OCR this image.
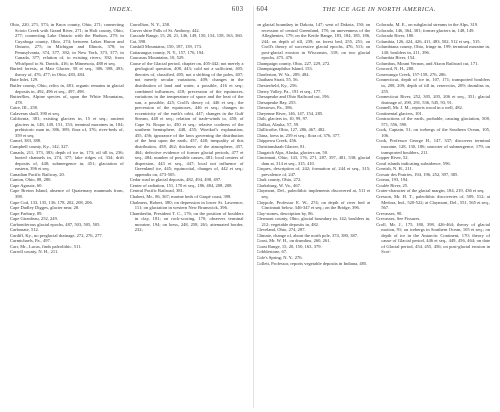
INDEX.	603

Ohio, 220, 271, 573; in Knox county, Ohio, 271; connecting Scioto Creek with Grand River, 271; in Holt county, Ohio, 277; connecting Lake Ontario with the Hudson, 279; in Cuyahoga county, Ohio, 274; between Lakes Huron and Ontario, 275; in Michigan and Illinois, 378; in Pennsylvania, 374, 377, 392; in New York, 373, 377; in Canada, 377; relation of, to existing rivers, 392; from Whirlpool to St. Davids, 416; in Minnesota, 488 et seq.

Buried forests, at Mair Glacier, 58 et seq., 306, 398, 493; theory of, 476, 477; in Ohio, 483, 484.

Bute Inlet, 129.

Butler county, Ohio, relics in, 481; organic remains in glacial deposits in, 492, 496 et seq., 497, 498.

Butterflies, Alpine species of, upon the White Mountains, 478.

Caire, III., 258.

Calaveras skull, 390 et seq.

California, 381; existing glaciers in, 15 et seq.; ancient glaciers in, 148, 149, 151, 153; terminal moraines in, 184; prehistoric man in, 386, 389; flora of, 376; river-beds of, 359 et seq.

Camel, 383, 388.

Campbell county, Ky., 142, 327.

Canada, 211, 373, 383; depth of ice in, 173; oil till in, 236; buried channels in, 274, 377; lake ridges of, 334; drift deposits of, 448; submergence in, 451; glaciation of eastern, 396 et seq.

Canadian Pacific Railway, 20.

Canton, Ohio, 88, 280.

Cape Agassiz, 60.

Cape Breton Island, absence of Quaternary mammals from, 398.

Cape Cod, 133, 135, 136, 178, 202, 208, 206.

Cape Dudley Digges, glacier near, 28.

Cape Farbury, 89.

Cape Girardeau, 252, 249.

Carboniferous glacial epochs, 487, 503, 505, 505.

Carbonate, 512.

Cardiff, Ky., no preglacial drainage, 272, 276, 277.

Carmichaels, Pa., 497.

Carr, Mr., Lucas, finds paleolithic, 511.

Carroll county, N. H., 211.

Carrollton, N. Y., 258.

Carver shire Falls of St. Anthony, 442.

Cascade Range, 15, 20, 21, 146, 149, 150, 154, 158, 163, 360.

Cat, 398.

Catskill Mountains, 150, 187, 139, 173.

Cattaraugus county, N. Y., 157, 176, 194.

Caucasus Mountains, 10, 529.

Cause of the Glacial period, chapter on, 405-442; not merely a geological question, 408, 443; cold not a sufficient, 405; theories of, classified, 405; not a shifting of the poles, 407; not merely secular variations, 409; changes in the distribution of land and water, a possible, 416 et seq.; combined influences, 418; precession of the equinoxes, variations in the temperature of space and the heat of the sun, a possible, 425; Croll's theory of, 446 et seq.; the precession of the equinoxes, 446 et seq.; changes in eccentricity of the earth's orbit, 447; changes in the Gulf Stream, 448 et seq.; relation of trade-winds to, 450; of Cape St. Roque to, 450 et seq.; relative coolness of the southern hemisphere, 448, 455; Woeikof's explanation, 455, 456; ignorance of the laws governing the distribution of the heat upon the earth, 457, 448; inequality of this distribution, 458, 462; thickness of the atmosphere, 457, 464; defective evidence of former glacial periods, 477 et seq., 484; number of possible causes, 481; local centers of dispersion, 443 et seq., 447; local not influence of Greenland ice, 445; equinoctial, changes of, 442 et seq.; appendix on, 473-505.

Cedar road in glacial deposits, 482, 494, 498, 497.

Center of radiation, 151, 170 et seq., 186, 484, 208, 208.

Central Pacific Railroad, 381.

Chabert, Mr., 86, 367; marine beds of Gaspé coast, 398.

Chalmers, Robert, 380; on depression in lower St. Lawrence, 111; on glaciation in western New Brunswick, 396.

Chamberlin, President T. C., 176; on the position of boulders in clay, 181; on rock-scoring, 170; observes terminal moraine, 194; on loess, 248, 258, 261; attenuated border, 232;

604	THE ICE AGE IN NORTH AMERICA.

on glacial boundary in Dakota, 147; west of Dakota, 150; on recession of central Greenland, 178; on unevenness of the Alleghenies, 179; on the Kettle Range, 183, 184, 185, 186, 244; on depth of till, 239; on forest bed, 255, 251; on Croll's theory of successive glacial epochs, 476, 513; on post-glacial erosion in Wisconsin, 318; on two glacial epochs, 475, 476.

Champaign county, Ohio, 227, 229, 272.

Champsignaphilus Island, 153.

Charleston, W. Va., 289, 484.

Chatham Strait, 55, 56.

Chesterfield, Ky., 256.

Cherry Valley, Pa., 191 et seq., 177.

Chesapeake and Ohio Railroad cut, 196.

Chesapeake Bay, 255.

Chestown, Pa., 386.

Cheyenne River, 146, 147, 154, 285.

Chili, glaciers in, 10, 99, 97.

Chilkat, Alaska, 57, 59.

Chillicothe, Ohio, 127, 286, 467, 482.

China, loess in, 259 et seq.; flora of, 376, 377.

Chippewa Creek, 456.

Christianshaab Glacier, 81.

Chugatch Alps, Alaska, glaciers on, 50.

Cincinnati, Ohio, 143, 176, 271, 287, 397, 481, 538; glacial dam at, 314 et seq., 315, 410.

Cirques, description of, 242; formation of, 244 et seq., 315; prevalence of, 247.

Clark county, Ohio, 272.

Clarksburg, W. Va., 467.

Claymont, Del., paleolithic implements discovered at, 511 et seq.

Claypole, Professor E. W., 274; on depth of river bed at Cincinnati below, 346-347 et seq.; on the Bridge, 396.

Clay-stones, description by, 86.

Clermont county, Ohio, glacial boundary in, 142; boulders in, 212; vegetable deposits in, 482.

Cleveland, Ohio, 274, 287.

Climate, change of, about the north pole, 374, 380, 387.

Coast, Mr. W. H., on drumlins, 260, 261.

Coast Range, 15, 20, 150, 163, 379.

Cobblestone, 67.

Cole's Spring, N. Y., 276.

Collett, Professor, reports vegetable deposits in Indiana, 485.

Colorado, M. E., on subglacial streams in the Alps, 319.

Colorado, 146, 364, 381; former glaciers in, 148, 149.

Colorado River, 180.

Columbia, 126, 424, 426, 411, 483, 502, 512 et seq., 515.

Columbiana county, Ohio, fringe in, 199; terminal moraine in, 140; boulders in, 211, 396.

Columbia River, 154.

Columbus, Mount Vernon, and Akron Railroad cut, 171.

Concord, N. H., 280.

Conewango Creek, 157-158, 276, 286.

Connecticut, depth of ice in, 107, 171; transported boulders in, 208, 209; depth of till in, reservoirs, 209; drumlins in, 255.

Connecticut River, 252, 305, 205, 206 et seq., 351; glacial drainage of, 290, 291, 536, 545, 93, 91.

Connell, Mr. J. M., reports wood in a well, 482.

Continental glaciers, 101.

Contractions of the earth, probable, causing glaciation, 508, 571, 556, 590.

Cook, Captain, 51; on icebergs of the Southern Ocean, 105, 106.

Cook, Professor George H., 147, 337; discovers terminal moraine, 128, 130, 186; unrooter of submergence, 179; on transported boulders, 211.

Copper River, 52.

Coral islands indicating subsidence, 596.

Cornish, N. H., 211.

Corsair des Prairies, 194, 196, 252, 397, 385.

Coteau, 193, 194.

Coulée River, 25.

Crater-character of the glacial margin, 184, 219, 436 et seq.

Cresson, Mr. H. T., paleolithic discoveries of, 509, 512; at Medora, Ind., 520-522; at Claymont, Del., 551, 565 et seq., 567.

Crevasses, 90.

Crevasses, See Fissures.

Croll, Mr. J., 175, 180, 398, 426-464; theory of glacial motion, 91; on icebergs in Southern Ocean, 105 et seq.; on depth of ice in the Antarctic Continent, 170; theory of cause of Glacial period, 446 et seq., 449, 456, 464; on date of Glacial period, 454, 455, 456; on post-glacial erosion in Scot-
